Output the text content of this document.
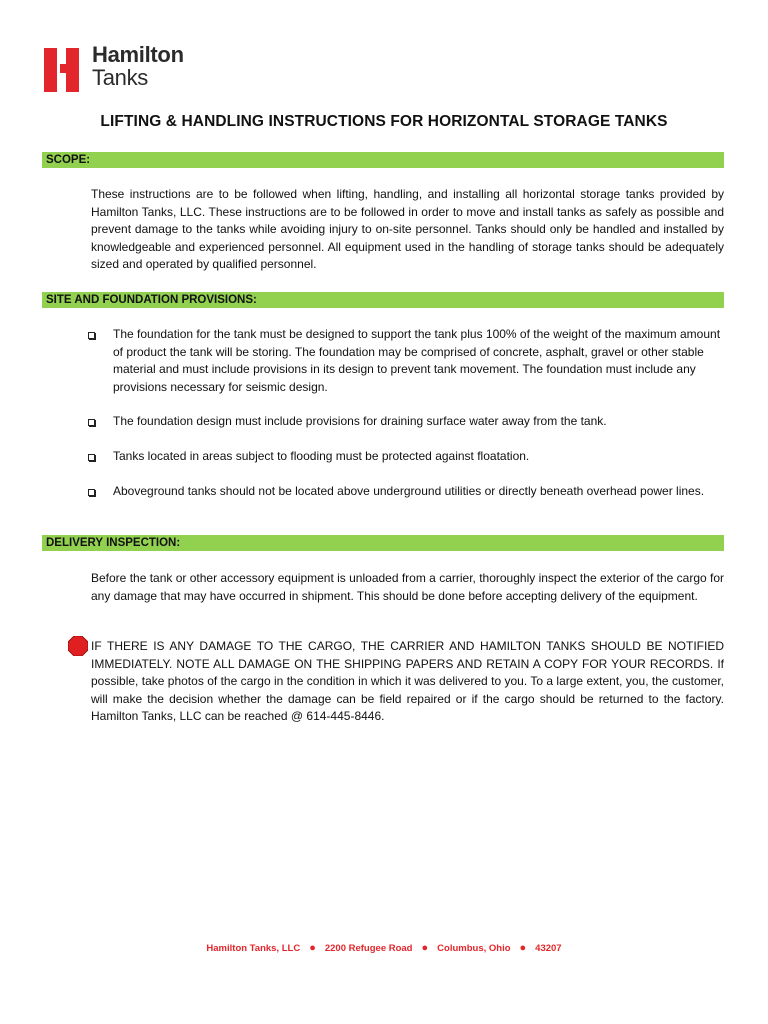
Hamilton
Tanks
LIFTING & HANDLING INSTRUCTIONS FOR HORIZONTAL STORAGE TANKS
SCOPE:

These instructions are to be followed when lifting, handling, and installing all horizontal storage tanks provided by Hamilton Tanks, LLC. These instructions are to be followed in order to move and install tanks as safely as possible and prevent damage to the tanks while avoiding injury to on-site personnel. Tanks should only be handled and installed by knowledgeable and experienced personnel. All equipment used in the handling of storage tanks should be adequately sized and operated by qualified personnel.

SITE AND FOUNDATION PROVISIONS:
The foundation for the tank must be designed to support the tank plus 100% of the weight of the maximum amount of product the tank will be storing. The foundation may be comprised of concrete, asphalt, gravel or other stable material and must include provisions in its design to prevent tank movement. The foundation must include any provisions necessary for seismic design.
The foundation design must include provisions for draining surface water away from the tank.
Tanks located in areas subject to flooding must be protected against floatation.
Aboveground tanks should not be located above underground utilities or directly beneath overhead power lines.
DELIVERY INSPECTION:

Before the tank or other accessory equipment is unloaded from a carrier, thoroughly inspect the exterior of the cargo for any damage that may have occurred in shipment. This should be done before accepting delivery of the equipment.

IF THERE IS ANY DAMAGE TO THE CARGO, THE CARRIER AND HAMILTON TANKS SHOULD BE NOTIFIED IMMEDIATELY. NOTE ALL DAMAGE ON THE SHIPPING PAPERS AND RETAIN A COPY FOR YOUR RECORDS. If possible, take photos of the cargo in the condition in which it was delivered to you. To a large extent, you, the customer, will make the decision whether the damage can be field repaired or if the cargo should be returned to the factory. Hamilton Tanks, LLC can be reached @ 614-445-8446.

Hamilton Tanks, LLC ● 2200 Refugee Road ● Columbus, Ohio ● 43207
